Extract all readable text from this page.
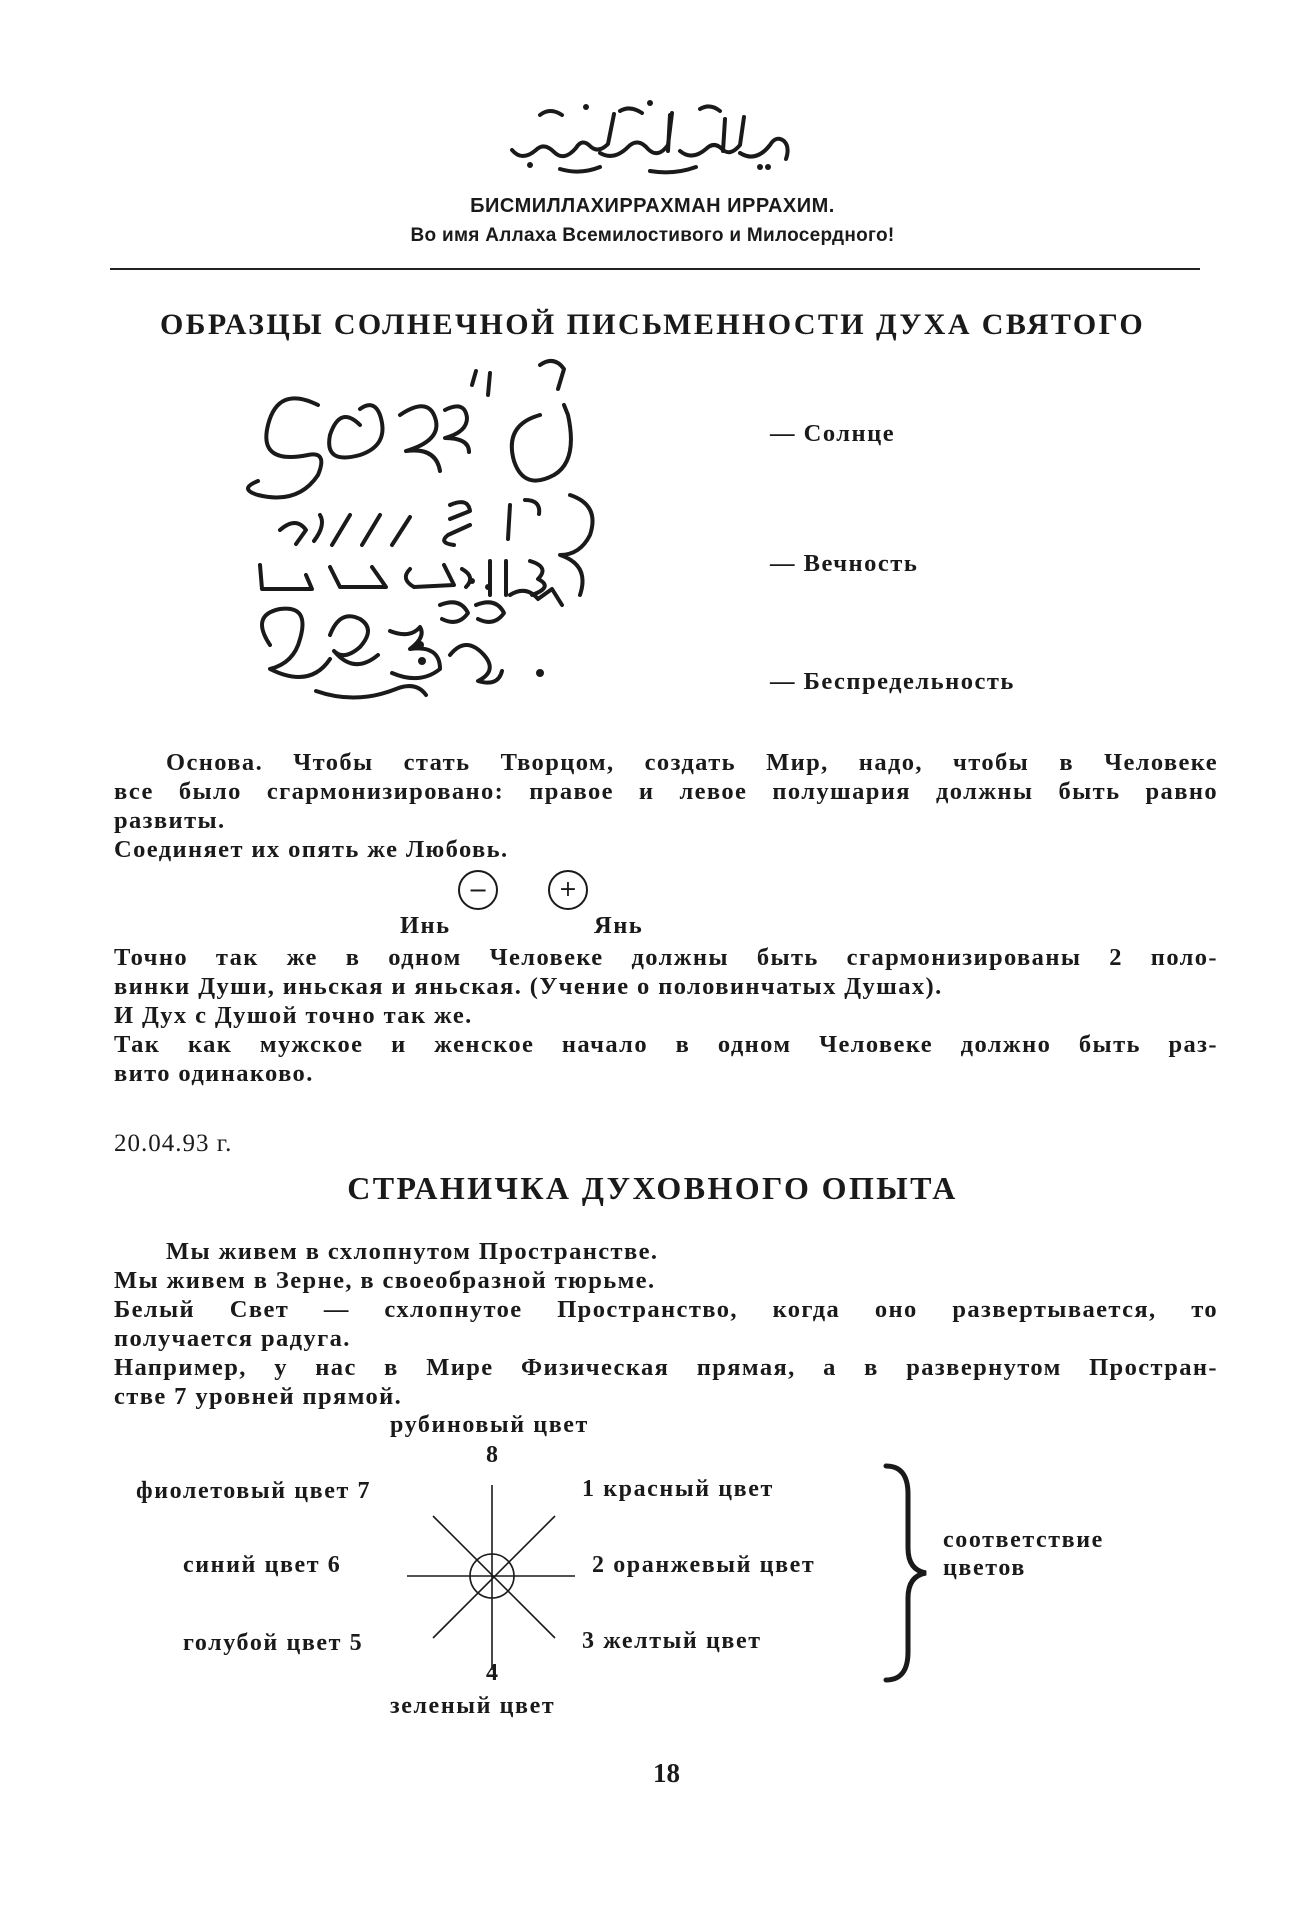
БИСМИЛЛАХИРРАХМАН ИРРАХИМ.
Во имя Аллаха Всемилостивого и Милосердного!
ОБРАЗЦЫ СОЛНЕЧНОЙ ПИСЬМЕННОСТИ ДУХА СВЯТОГО
— Солнце
— Вечность
— Беспредельность
Основа. Чтобы стать Творцом, создать Мир, надо, чтобы в Человеке
все было сгармонизировано: правое и левое полушария должны быть равно
развиты.
Соединяет их опять же Любовь.
−	+
Инь	Янь
Точно так же в одном Человеке должны быть сгармонизированы 2 поло-
винки Души, иньская и яньская. (Учение о половинчатых Душах).
И Дух с Душой точно так же.
Так как мужское и женское начало в одном Человеке должно быть раз-
вито одинаково.
20.04.93 г.
СТРАНИЧКА ДУХОВНОГО ОПЫТА
Мы живем в схлопнутом Пространстве.
Мы живем в Зерне, в своеобразной тюрьме.
Белый Свет — схлопнутое Пространство, когда оно развертывается, то
получается радуга.
Например, у нас в Мире Физическая прямая, а в развернутом Простран-
стве 7 уровней прямой.
рубиновый цвет
8
фиолетовый цвет 7	1 красный цвет
синий цвет 6	2 оранжевый цвет
голубой цвет 5	3 желтый цвет
4
зеленый цвет
соответствие
цветов
18
